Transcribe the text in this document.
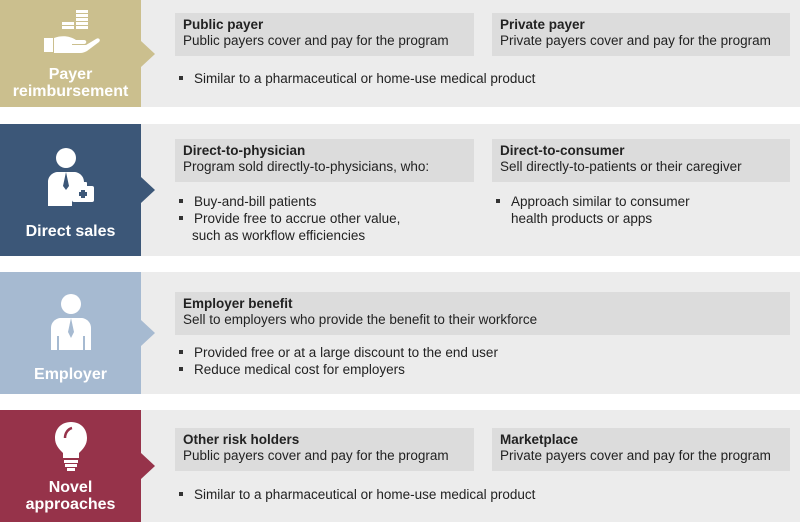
Payer
reimbursement
Public payer
Public payers cover and pay for the program
Private payer
Private payers cover and pay for the program
Similar to a pharmaceutical or home-use medical product
Direct sales
Direct-to-physician
Program sold directly-to-physicians, who:
Direct-to-consumer
Sell directly-to-patients or their caregiver
Buy-and-bill patients
Provide free to accrue other value,
such as workflow efficiencies
Approach similar to consumer
health products or apps
Employer
Employer benefit
Sell to employers who provide the benefit to their workforce
Provided free or at a large discount to the end user
Reduce medical cost for employers
Novel
approaches
Other risk holders
Public payers cover and pay for the program
Marketplace
Private payers cover and pay for the program
Similar to a pharmaceutical or home-use medical product
